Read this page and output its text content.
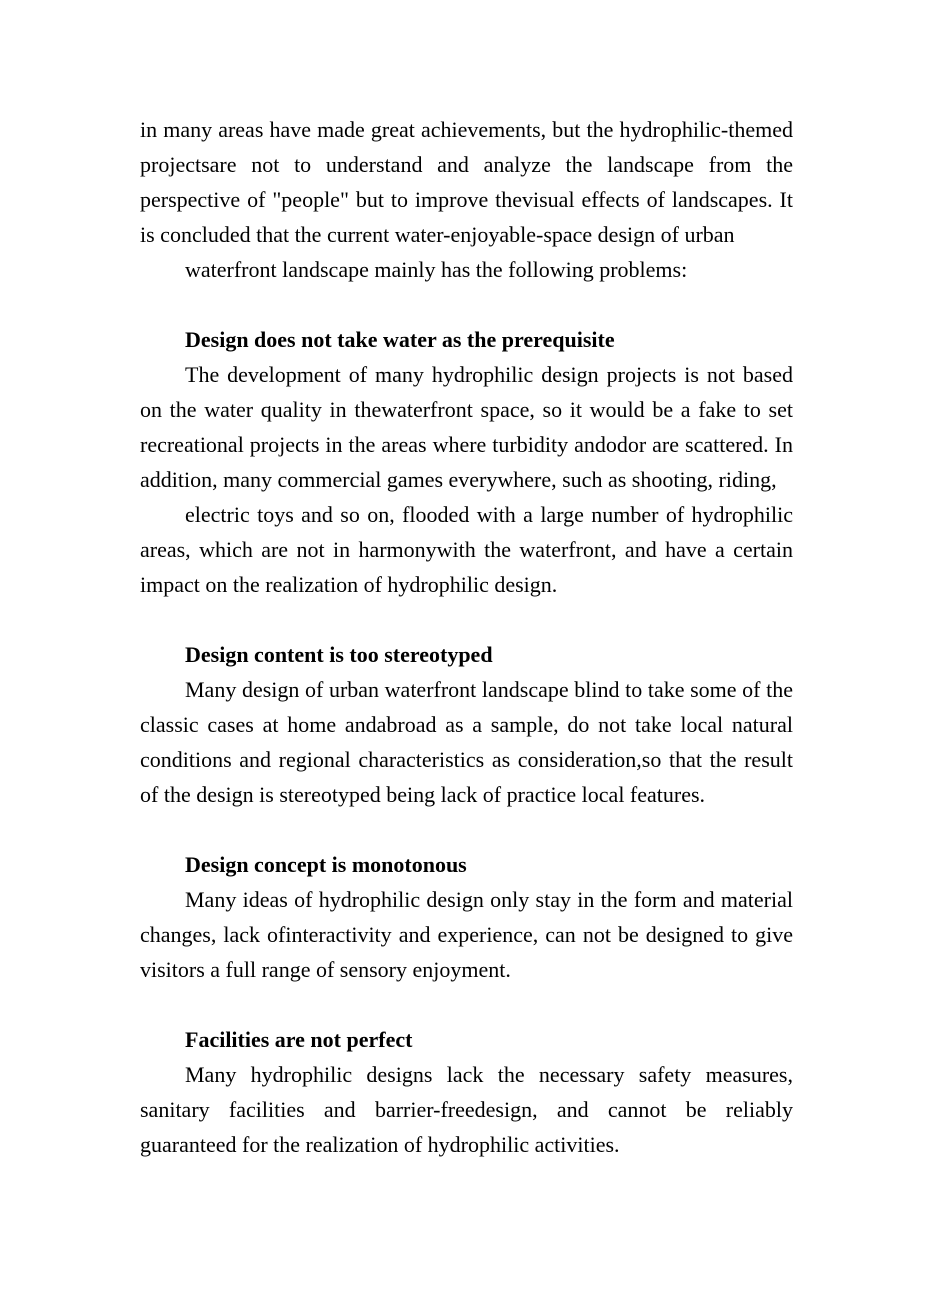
in many areas have made great achievements, but the hydrophilic-themed projectsare not to understand and analyze the landscape from the perspective of "people" but to improve thevisual effects of landscapes. It is concluded that the current water-enjoyable-space design of urban

waterfront landscape mainly has the following problems:

Design does not take water as the prerequisite

The development of many hydrophilic design projects is not based on the water quality in thewaterfront space, so it would be a fake to set recreational projects in the areas where turbidity andodor are scattered. In addition, many commercial games everywhere, such as shooting, riding,

electric toys and so on, flooded with a large number of hydrophilic areas, which are not in harmonywith the waterfront, and have a certain impact on the realization of hydrophilic design.

Design content is too stereotyped

Many design of urban waterfront landscape blind to take some of the classic cases at home andabroad as a sample, do not take local natural conditions and regional characteristics as consideration,so that the result of the design is stereotyped being lack of practice local features.

Design concept is monotonous

Many ideas of hydrophilic design only stay in the form and material changes, lack ofinteractivity and experience, can not be designed to give visitors a full range of sensory enjoyment.

Facilities are not perfect

Many hydrophilic designs lack the necessary safety measures, sanitary facilities and barrier-freedesign, and cannot be reliably guaranteed for the realization of hydrophilic activities.
